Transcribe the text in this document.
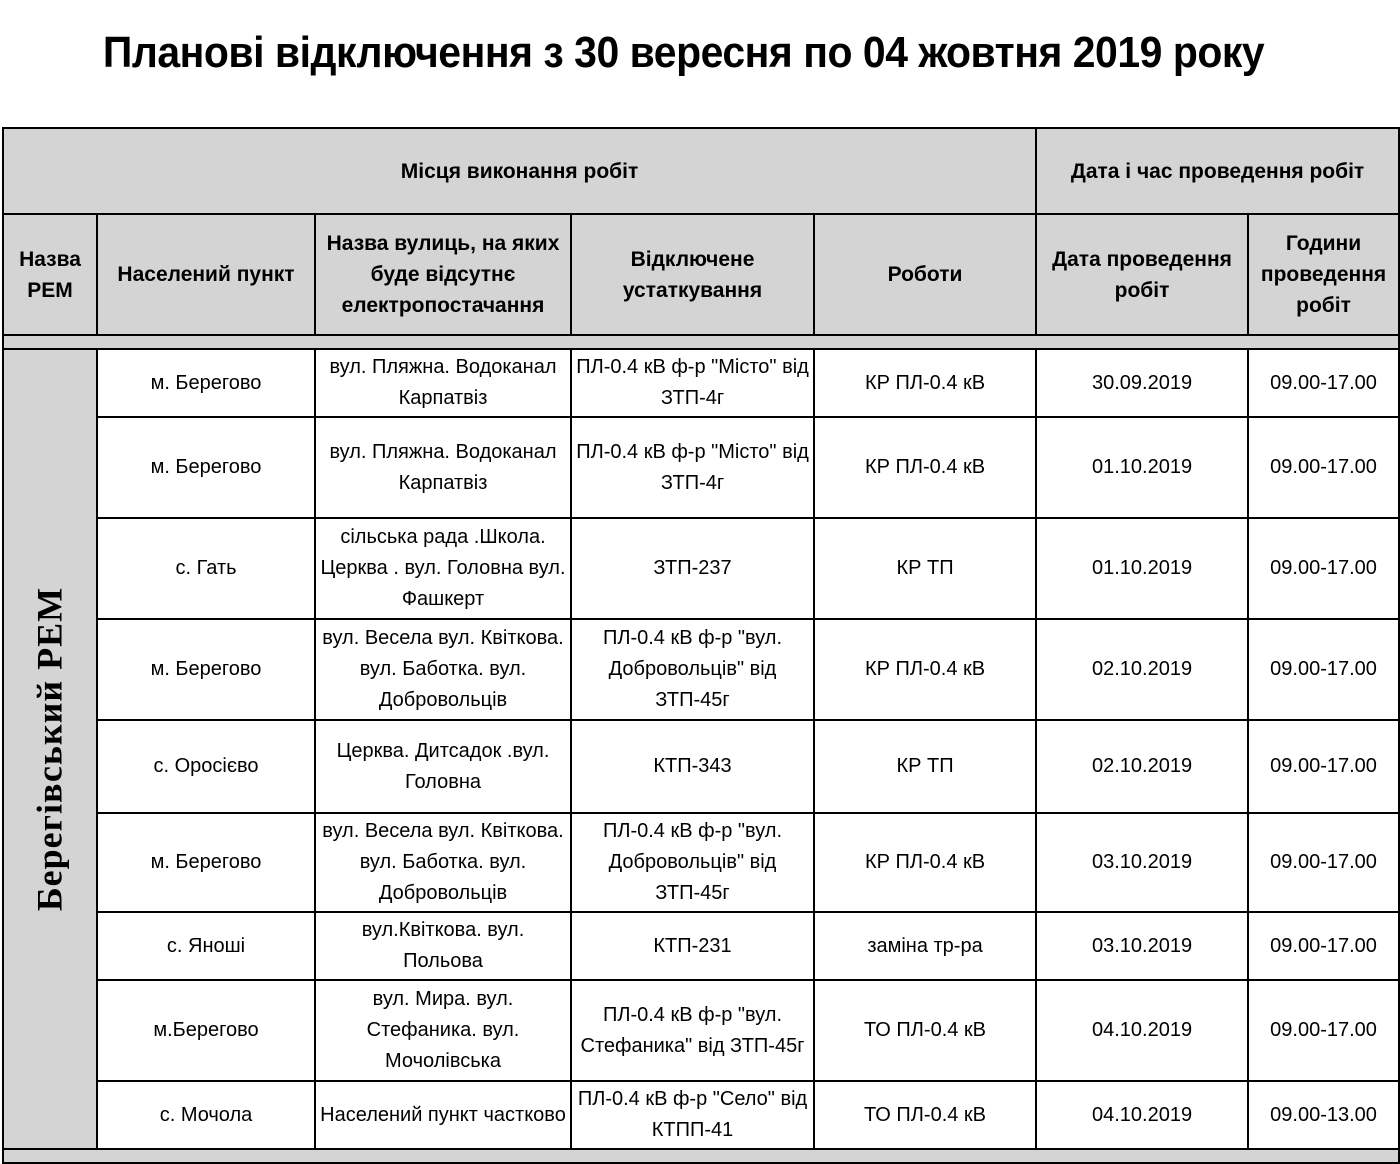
Планові відключення з 30 вересня по 04 жовтня 2019 року
Місця виконання робіт					Дата і час проведення робіт	
Назва РЕМ	Населений пункт	Назва вулиць, на яких буде відсутнє електропостачання	Відключене устаткування	Роботи	Дата проведення робіт	Години проведення робіт

Берегівський РЕМ	м. Берегово	вул. Пляжна. Водоканал Карпатвіз	ПЛ-0.4 кВ ф-р "Місто" від ЗТП-4г	КР ПЛ-0.4 кВ	30.09.2019	09.00-17.00
	м. Берегово	вул. Пляжна. Водоканал Карпатвіз	ПЛ-0.4 кВ ф-р "Місто" від ЗТП-4г	КР ПЛ-0.4 кВ	01.10.2019	09.00-17.00
	с. Гать	сільська рада .Школа. Церква . вул. Головна вул. Фашкерт	ЗТП-237	КР ТП	01.10.2019	09.00-17.00
	м. Берегово	вул. Весела вул. Квіткова. вул. Баботка. вул. Добровольців	ПЛ-0.4 кВ ф-р "вул. Добровольців" від ЗТП-45г	КР ПЛ-0.4 кВ	02.10.2019	09.00-17.00
	с. Оросієво	Церква. Дитсадок .вул. Головна	КТП-343	КР ТП	02.10.2019	09.00-17.00
	м. Берегово	вул. Весела вул. Квіткова. вул. Баботка. вул. Добровольців	ПЛ-0.4 кВ ф-р "вул. Добровольців" від ЗТП-45г	КР ПЛ-0.4 кВ	03.10.2019	09.00-17.00
	с. Яноші	вул.Квіткова. вул. Польова	КТП-231	заміна тр-ра	03.10.2019	09.00-17.00
	м.Берегово	вул. Мира. вул. Стефаника. вул. Мочолівська	ПЛ-0.4 кВ ф-р "вул. Стефаника" від ЗТП-45г	ТО ПЛ-0.4 кВ	04.10.2019	09.00-17.00
	с. Мочола	Населений пункт частково	ПЛ-0.4 кВ ф-р "Село" від КТПП-41	ТО ПЛ-0.4 кВ	04.10.2019	09.00-13.00
